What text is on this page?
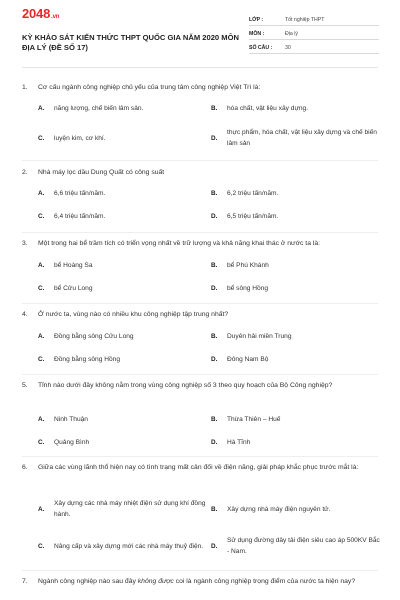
2048.vn
KỲ KHẢO SÁT KIẾN THỨC THPT QUỐC GIA NĂM 2020 MÔN ĐỊA LÝ (ĐỀ SỐ 17)
LỚP :	Tốt nghiệp THPT
MÔN :	Địa lý
SỐ CÂU :	30
1. Cơ cấu ngành công nghiệp chủ yếu của trung tâm công nghiệp Việt Trì là:
A.	năng lượng, chế biến lâm sản.	B.	hóa chất, vật liệu xây dựng.
C.	luyện kim, cơ khí.	D.
thực phẩm, hóa chất, vật liệu xây dựng và chế biến lâm sản
2. Nhà máy lọc dầu Dung Quất có công suất
A.	6,6 triệu tấn/năm.	B.	6,2 triệu tấn/năm.
C.	6,4 triệu tấn/năm.	D.	6,5 triệu tấn/năm.
3. Một trong hai bể trầm tích có triển vọng nhất về trữ lượng và khả năng khai thác ở nước ta là:
A.	bể Hoàng Sa	B.	bể Phú Khánh
C.	bể Cửu Long	D.	bể sông Hồng
4. Ở nước ta, vùng nào có nhiều khu công nghiệp tập trung nhất?
A.	Đồng bằng sông Cửu Long	B.	Duyên hải miền Trung
C.	Đồng bằng sông Hồng	D.	Đông Nam Bộ
5. Tỉnh nào dưới đây không nằm trong vùng công nghiệp số 3 theo quy hoạch của Bộ Công nghiệp?
A.	Ninh Thuận	B.	Thừa Thiên – Huế
C.	Quảng Bình	D.	Hà Tĩnh
6. Giữa các vùng lãnh thổ hiện nay có tình trạng mất cân đối về điện năng, giải pháp khắc phục trước mắt là:
A.
Xây dựng các nhà máy nhiệt điện sử dụng khí đồng hành.
B.	Xây dựng nhà máy điện nguyên tử.
C.	Nâng cấp và xây dựng mới các nhà máy thuỷ điện. D.
Sử dụng đường dây tải điện siêu cao áp 500KV Bắc - Nam.
7. Ngành công nghiệp nào sau đây không được coi là ngành công nghiệp trọng điểm của nước ta hiện nay?
